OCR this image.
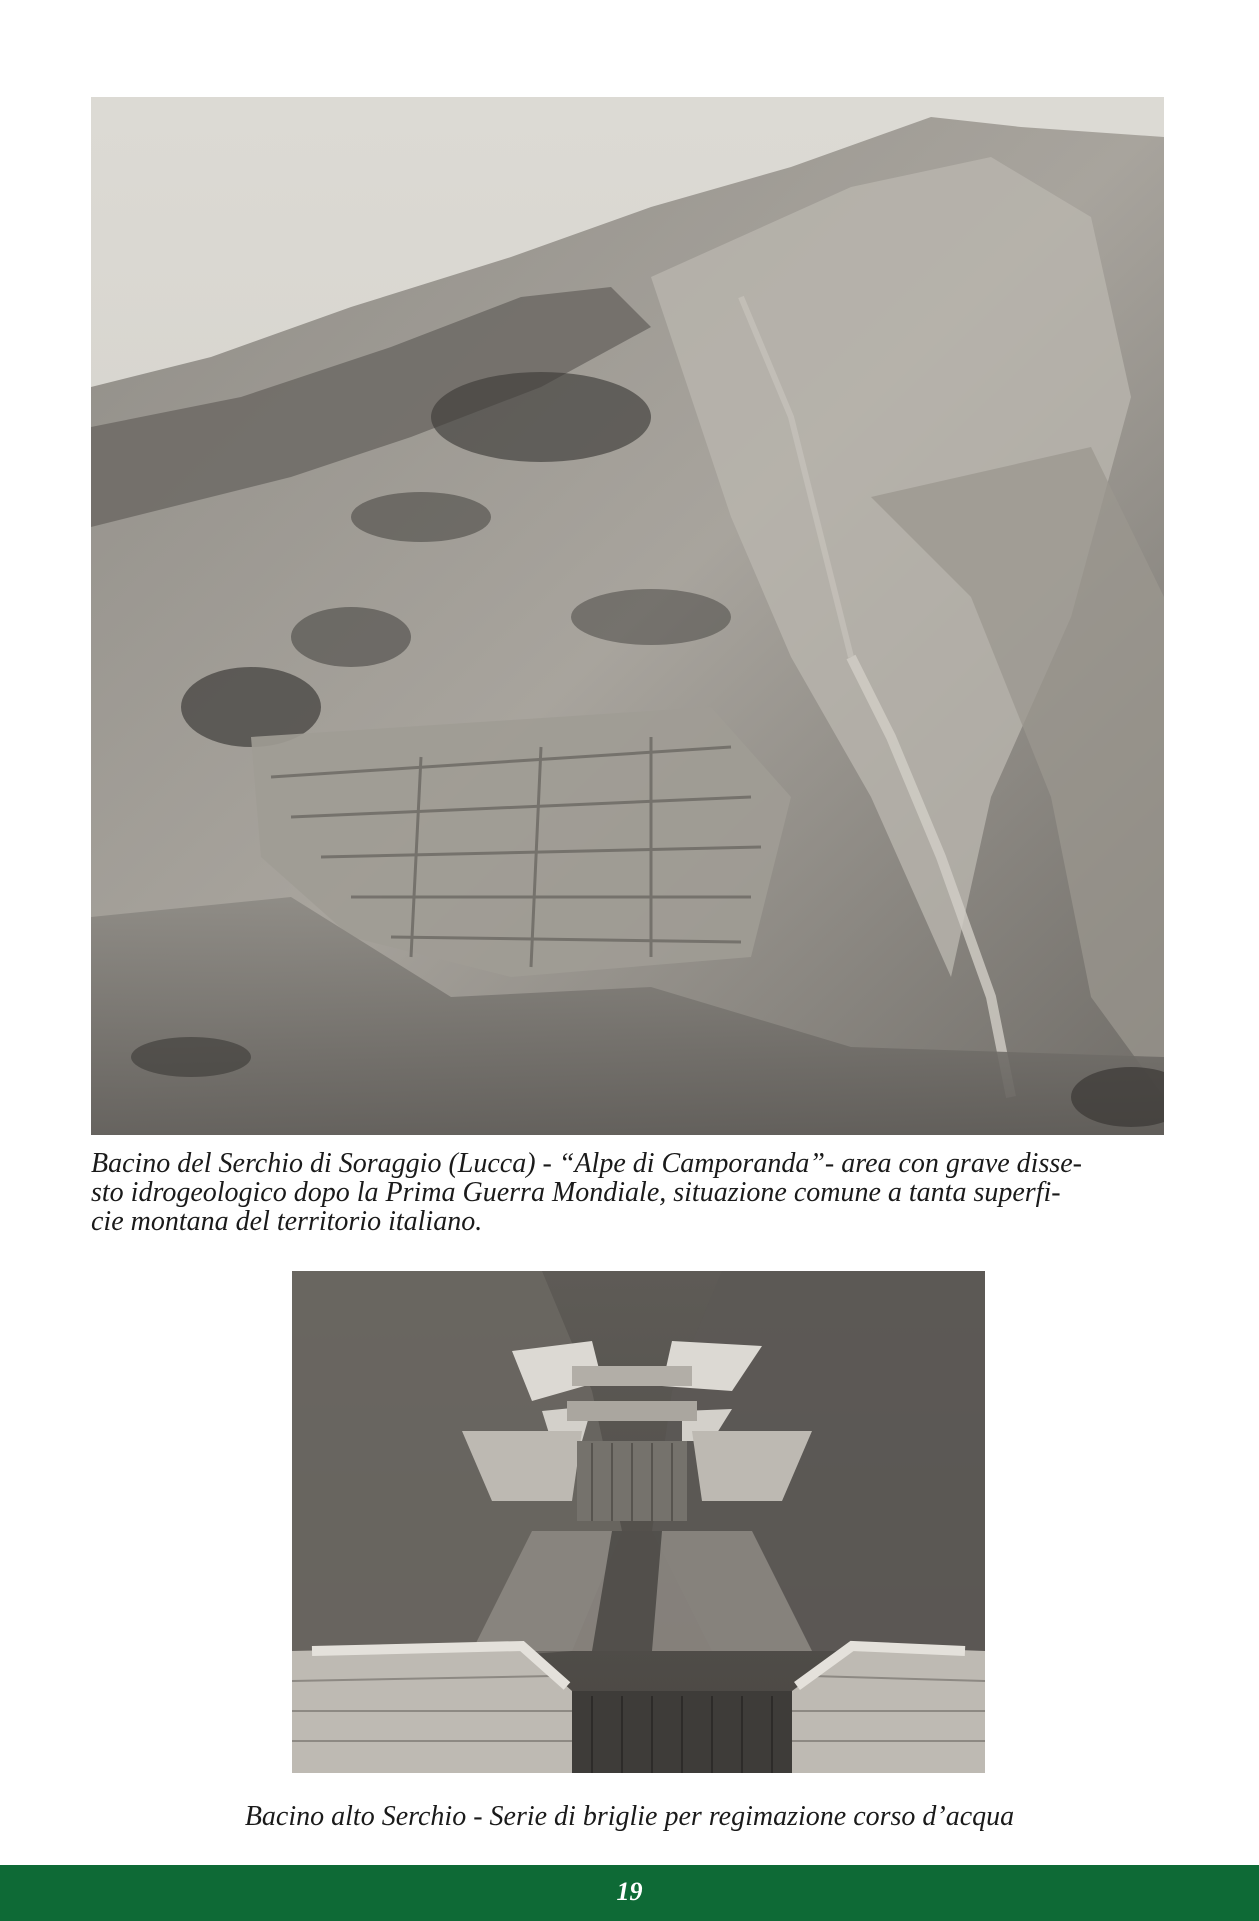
Bacino del Serchio di Soraggio (Lucca) - “Alpe di Camporanda”- area con grave disse-
sto idrogeologico dopo la Prima Guerra Mondiale, situazione comune a tanta superfi-
cie montana del territorio italiano.
Bacino alto Serchio - Serie di briglie per regimazione corso d’acqua
19
